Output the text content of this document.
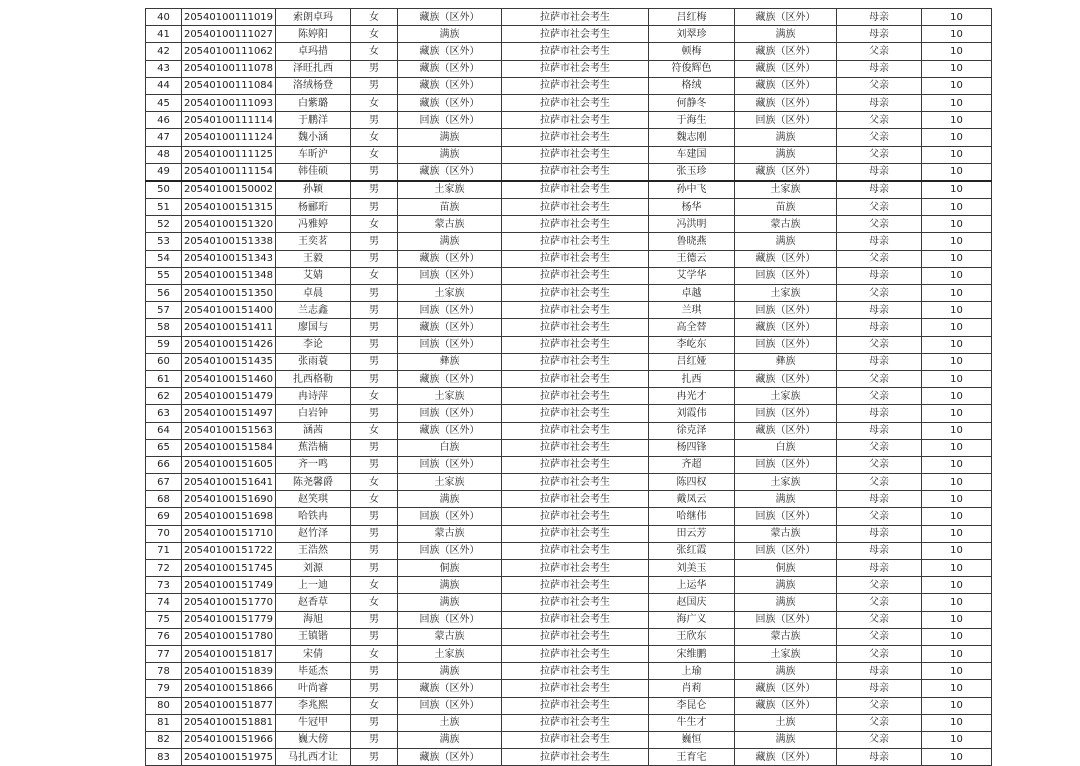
40	20540100111019	索朗卓玛	女	藏族（区外）	拉萨市社会考生	吕红梅	藏族（区外）	母亲	10
41	20540100111027	陈婷阳	女	满族	拉萨市社会考生	刘翠珍	满族	母亲	10
42	20540100111062	卓玛措	女	藏族（区外）	拉萨市社会考生	顿梅	藏族（区外）	父亲	10
43	20540100111078	泽旺扎西	男	藏族（区外）	拉萨市社会考生	符俊辉色	藏族（区外）	母亲	10
44	20540100111084	洛绒杨登	男	藏族（区外）	拉萨市社会考生	格绒	藏族（区外）	父亲	10
45	20540100111093	白紫璐	女	藏族（区外）	拉萨市社会考生	何静冬	藏族（区外）	母亲	10
46	20540100111114	于鹏洋	男	回族（区外）	拉萨市社会考生	于海生	回族（区外）	父亲	10
47	20540100111124	魏小涵	女	满族	拉萨市社会考生	魏志刚	满族	父亲	10
48	20540100111125	车昕沪	女	满族	拉萨市社会考生	车建国	满族	父亲	10
49	20540100111154	韩佳硕	男	藏族（区外）	拉萨市社会考生	张玉珍	藏族（区外）	母亲	10
50	20540100150002	孙颖	男	土家族	拉萨市社会考生	孙中飞	土家族	母亲	10
51	20540100151315	杨郦珩	男	苗族	拉萨市社会考生	杨华	苗族	父亲	10
52	20540100151320	冯雅婷	女	蒙古族	拉萨市社会考生	冯洪明	蒙古族	父亲	10
53	20540100151338	王奕茗	男	满族	拉萨市社会考生	鲁晓燕	满族	母亲	10
54	20540100151343	王毅	男	藏族（区外）	拉萨市社会考生	王德云	藏族（区外）	父亲	10
55	20540100151348	艾婧	女	回族（区外）	拉萨市社会考生	艾学华	回族（区外）	母亲	10
56	20540100151350	卓晨	男	土家族	拉萨市社会考生	卓越	土家族	父亲	10
57	20540100151400	兰志鑫	男	回族（区外）	拉萨市社会考生	兰琪	回族（区外）	母亲	10
58	20540100151411	廖国与	男	藏族（区外）	拉萨市社会考生	高全替	藏族（区外）	母亲	10
59	20540100151426	李论	男	回族（区外）	拉萨市社会考生	李屹东	回族（区外）	父亲	10
60	20540100151435	张雨蓑	男	彝族	拉萨市社会考生	吕红娅	彝族	母亲	10
61	20540100151460	扎西格勒	男	藏族（区外）	拉萨市社会考生	扎西	藏族（区外）	父亲	10
62	20540100151479	冉诗萍	女	土家族	拉萨市社会考生	冉光才	土家族	父亲	10
63	20540100151497	白岩钟	男	回族（区外）	拉萨市社会考生	刘霞伟	回族（区外）	母亲	10
64	20540100151563	涵茜	女	藏族（区外）	拉萨市社会考生	徐克泽	藏族（区外）	母亲	10
65	20540100151584	蕉浩楠	男	白族	拉萨市社会考生	杨四锋	白族	父亲	10
66	20540100151605	齐一鸣	男	回族（区外）	拉萨市社会考生	齐超	回族（区外）	父亲	10
67	20540100151641	陈尧馨爵	女	土家族	拉萨市社会考生	陈四权	土家族	父亲	10
68	20540100151690	赵笑琪	女	满族	拉萨市社会考生	戴凤云	满族	母亲	10
69	20540100151698	哈铁冉	男	回族（区外）	拉萨市社会考生	哈继伟	回族（区外）	父亲	10
70	20540100151710	赵竹泽	男	蒙古族	拉萨市社会考生	田云芳	蒙古族	母亲	10
71	20540100151722	王浩然	男	回族（区外）	拉萨市社会考生	张红霞	回族（区外）	母亲	10
72	20540100151745	刘源	男	侗族	拉萨市社会考生	刘美玉	侗族	母亲	10
73	20540100151749	上一迪	女	满族	拉萨市社会考生	上运华	满族	父亲	10
74	20540100151770	赵香草	女	满族	拉萨市社会考生	赵国庆	满族	父亲	10
75	20540100151779	海旭	男	回族（区外）	拉萨市社会考生	海广义	回族（区外）	父亲	10
76	20540100151780	王镇锴	男	蒙古族	拉萨市社会考生	王欣东	蒙古族	父亲	10
77	20540100151817	宋倩	女	土家族	拉萨市社会考生	宋维鹏	土家族	父亲	10
78	20540100151839	毕延杰	男	满族	拉萨市社会考生	上瑜	满族	母亲	10
79	20540100151866	叶尚睿	男	藏族（区外）	拉萨市社会考生	肖莉	藏族（区外）	母亲	10
80	20540100151877	李兆熙	女	回族（区外）	拉萨市社会考生	李昆仑	藏族（区外）	父亲	10
81	20540100151881	牛冠甲	男	土族	拉萨市社会考生	牛生才	土族	父亲	10
82	20540100151966	巍大傍	男	满族	拉萨市社会考生	巍恒	满族	父亲	10
83	20540100151975	马扎西才让	男	藏族（区外）	拉萨市社会考生	王育宅	藏族（区外）	母亲	10
